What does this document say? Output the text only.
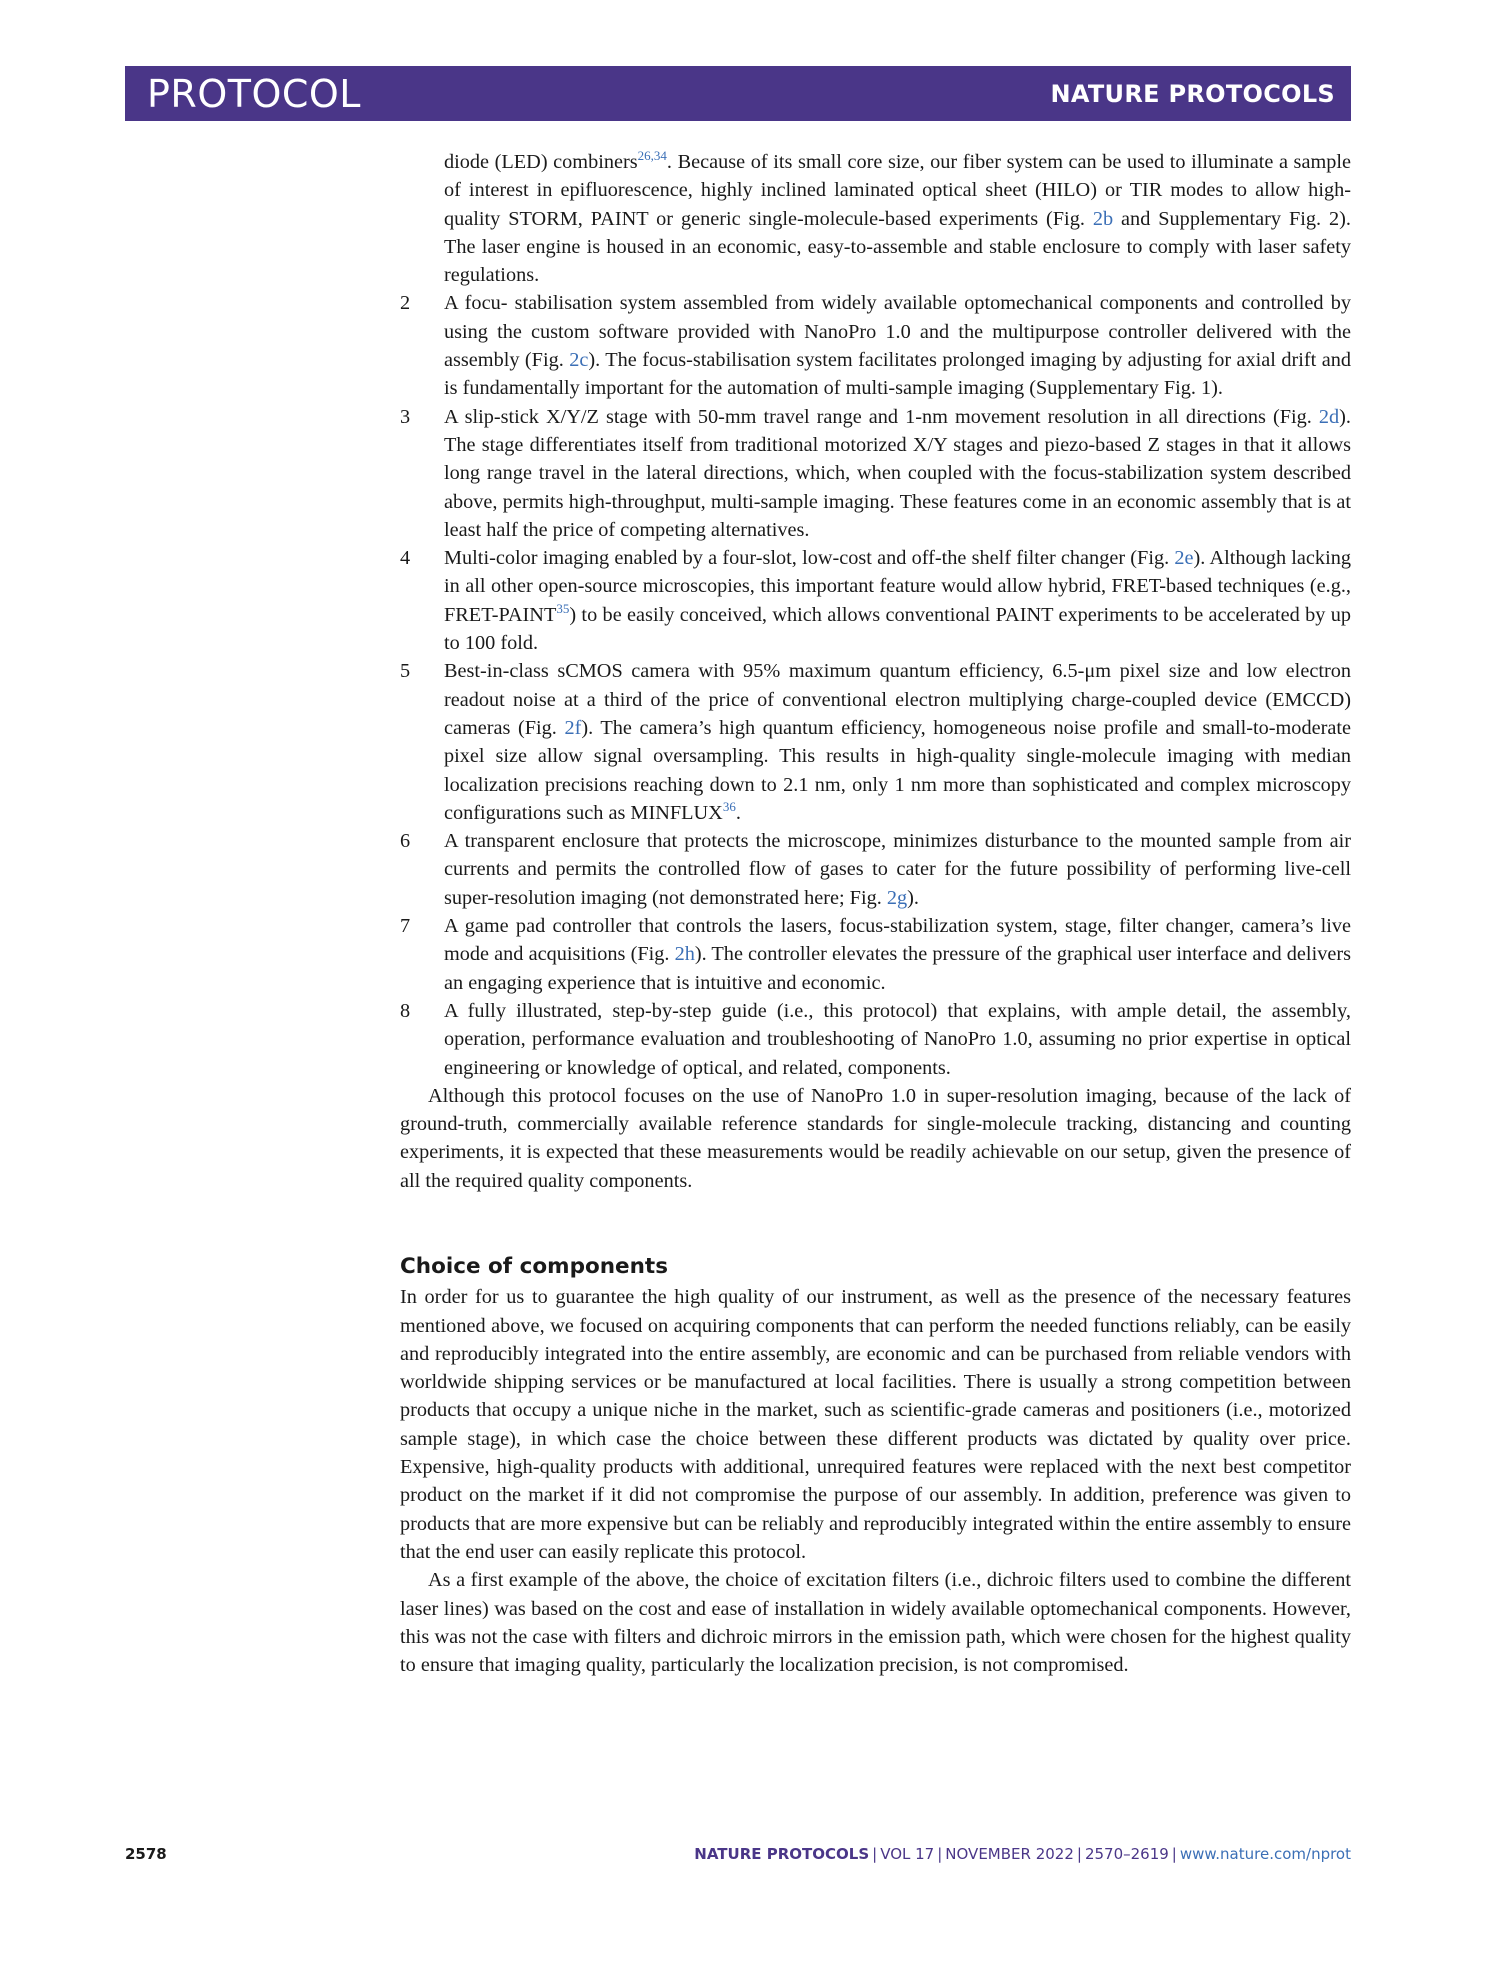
PROTOCOL	NATURE PROTOCOLS
diode (LED) combiners$^{26,34}$. Because of its small core size, our fiber system can be used to illuminate a sample of interest in epifluorescence, highly inclined laminated optical sheet (HILO) or TIR modes to allow high-quality STORM, PAINT or generic single-molecule-based experiments (Fig. 2b and Supplementary Fig. 2). The laser engine is housed in an economic, easy-to-assemble and stable enclosure to comply with laser safety regulations.
2	A focu- stabilisation system assembled from widely available optomechanical components and controlled by using the custom software provided with NanoPro 1.0 and the multipurpose controller delivered with the assembly (Fig. 2c). The focus-stabilisation system facilitates prolonged imaging by adjusting for axial drift and is fundamentally important for the automation of multi-sample imaging (Supplementary Fig. 1).
3	A slip-stick X/Y/Z stage with 50-mm travel range and 1-nm movement resolution in all directions (Fig. 2d). The stage differentiates itself from traditional motorized X/Y stages and piezo-based Z stages in that it allows long range travel in the lateral directions, which, when coupled with the focus-stabilization system described above, permits high-throughput, multi-sample imaging. These features come in an economic assembly that is at least half the price of competing alternatives.
4	Multi-color imaging enabled by a four-slot, low-cost and off-the shelf filter changer (Fig. 2e). Although lacking in all other open-source microscopies, this important feature would allow hybrid, FRET-based techniques (e.g., FRET-PAINT$^{35}$) to be easily conceived, which allows conventional PAINT experiments to be accelerated by up to 100 fold.
5	Best-in-class sCMOS camera with 95% maximum quantum efficiency, 6.5-μm pixel size and low electron readout noise at a third of the price of conventional electron multiplying charge-coupled device (EMCCD) cameras (Fig. 2f). The camera’s high quantum efficiency, homogeneous noise profile and small-to-moderate pixel size allow signal oversampling. This results in high-quality single-molecule imaging with median localization precisions reaching down to 2.1 nm, only 1 nm more than sophisticated and complex microscopy configurations such as MINFLUX$^{36}$.
6	A transparent enclosure that protects the microscope, minimizes disturbance to the mounted sample from air currents and permits the controlled flow of gases to cater for the future possibility of performing live-cell super-resolution imaging (not demonstrated here; Fig. 2g).
7	A game pad controller that controls the lasers, focus-stabilization system, stage, filter changer, camera’s live mode and acquisitions (Fig. 2h). The controller elevates the pressure of the graphical user interface and delivers an engaging experience that is intuitive and economic.
8	A fully illustrated, step-by-step guide (i.e., this protocol) that explains, with ample detail, the assembly, operation, performance evaluation and troubleshooting of NanoPro 1.0, assuming no prior expertise in optical engineering or knowledge of optical, and related, components.

Although this protocol focuses on the use of NanoPro 1.0 in super-resolution imaging, because of the lack of ground-truth, commercially available reference standards for single-molecule tracking, distancing and counting experiments, it is expected that these measurements would be readily achievable on our setup, given the presence of all the required quality components.

Choice of components

In order for us to guarantee the high quality of our instrument, as well as the presence of the necessary features mentioned above, we focused on acquiring components that can perform the needed functions reliably, can be easily and reproducibly integrated into the entire assembly, are economic and can be purchased from reliable vendors with worldwide shipping services or be manufactured at local facilities. There is usually a strong competition between products that occupy a unique niche in the market, such as scientific-grade cameras and positioners (i.e., motorized sample stage), in which case the choice between these different products was dictated by quality over price. Expensive, high-quality products with additional, unrequired features were replaced with the next best competitor product on the market if it did not compromise the purpose of our assembly. In addition, preference was given to products that are more expensive but can be reliably and reproducibly integrated within the entire assembly to ensure that the end user can easily replicate this protocol.

As a first example of the above, the choice of excitation filters (i.e., dichroic filters used to combine the different laser lines) was based on the cost and ease of installation in widely available optomechanical components. However, this was not the case with filters and dichroic mirrors in the emission path, which were chosen for the highest quality to ensure that imaging quality, particularly the localization precision, is not compromised.

2578	NATURE PROTOCOLS | VOL 17 | NOVEMBER 2022 | 2570–2619 | www.nature.com/nprot
